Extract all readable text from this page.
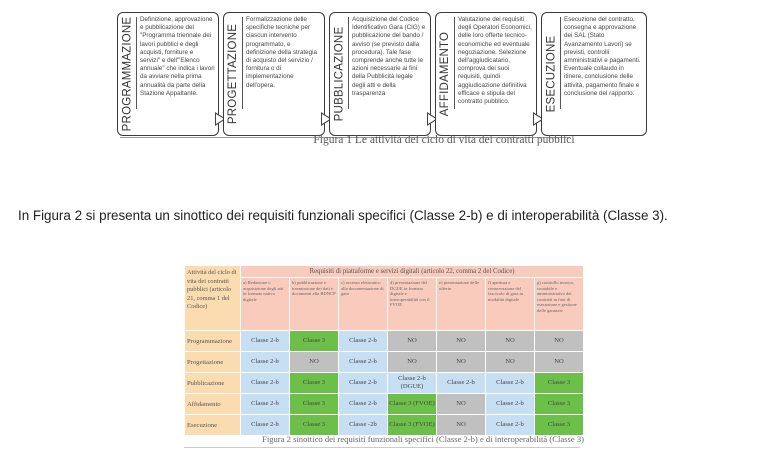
PROGRAMMAZIONE Definizione, approvazione e pubblicazione del "Programma triennale dei lavori pubblici e degli acquisti, forniture e servizi" e dell'"Elenco annuale" che indica i lavori da avviare nella prima annualità da parte della Stazione Appaltante.	PROGETTAZIONE
Formalizzazione delle specifiche tecniche per ciascun intervento programmato, e definizione della strategia di acquisto del servizio / fornitura o di implementazione dell'opera.	PUBBLICAZIONE
Acquisizione del Codice Identificativo Gara (CIG) e pubblicazione del bando / avviso (se previsto dalla procedura). Tale fase comprende anche tutte le azioni necessarie ai fini della Pubblicità legale degli atti e della trasparenza	AFFIDAMENTO
Valutazione dei requisiti degli Operatori Economici, delle loro offerte tecnico-economiche ed eventuale negoziazione. Selezione dell'aggiudicatario, comprova dei suoi requisiti, quindi aggiudicazione definitiva efficace e stipula del contratto pubblico.	ESECUZIONE
Esecuzione del contratto, consegna e approvazione dei SAL (Stato Avanzamento Lavori) se previsti, controlli amministrativi e pagamenti. Eventuale collaudo in itinere, conclusione delle attività, pagamento finale e conclusione del rapporto.
Figura 1 Le attività del ciclo di vita dei contratti pubblici
In Figura 2 si presenta un sinottico dei requisiti funzionali specifici (Classe 2-b) e di interoperabilità (Classe 3).
Attività del ciclo di vita dei contratti pubblici (articolo 21, comma 1 del Codice)	Requisiti di piattaforme e servizi digitali (articolo 22, comma 2 del Codice)						
	a) Redazione o acquisizione degli atti in formato nativo digitale	b) pubblicazione e trasmissione dei dati e documenti alla BDNCP	c) accesso elettronico alla documentazione di gara	d) presentazione del DGUE in formato digitale e interoperabilità con il FVOE	e) presentazione delle offerte	f) apertura e conservazione del fascicolo di gara in modalità digitale	g) controllo tecnico, contabile e amministrativo dei contratti in fase di esecuzione e gestione delle garanzie
Programmazione	Classe 2-b	Classe 3	Classe 2-b	NO	NO	NO	NO
Progettazione	Classe 2-b	NO	Classe 2-b	NO	NO	NO	NO
Pubblicazione	Classe 2-b	Classe 3	Classe 2-b	Classe 2-b (DGUE)	Classe 2-b	Classe 2-b	Classe 3
Affidamento	Classe 2-b	Classe 3	Classe 2-b	Classe 3 (FVOE)	NO	Classe 2-b	Classe 3
Esecuzione	Classe 2-b	Classe 3	Classe -2b	Classe 3 (FVOE)	NO	Classe 2-b	Classe 3
Figura 2 sinottico dei requisiti funzionali specifici (Classe 2-b) e di interoperabilità (Classe 3)
